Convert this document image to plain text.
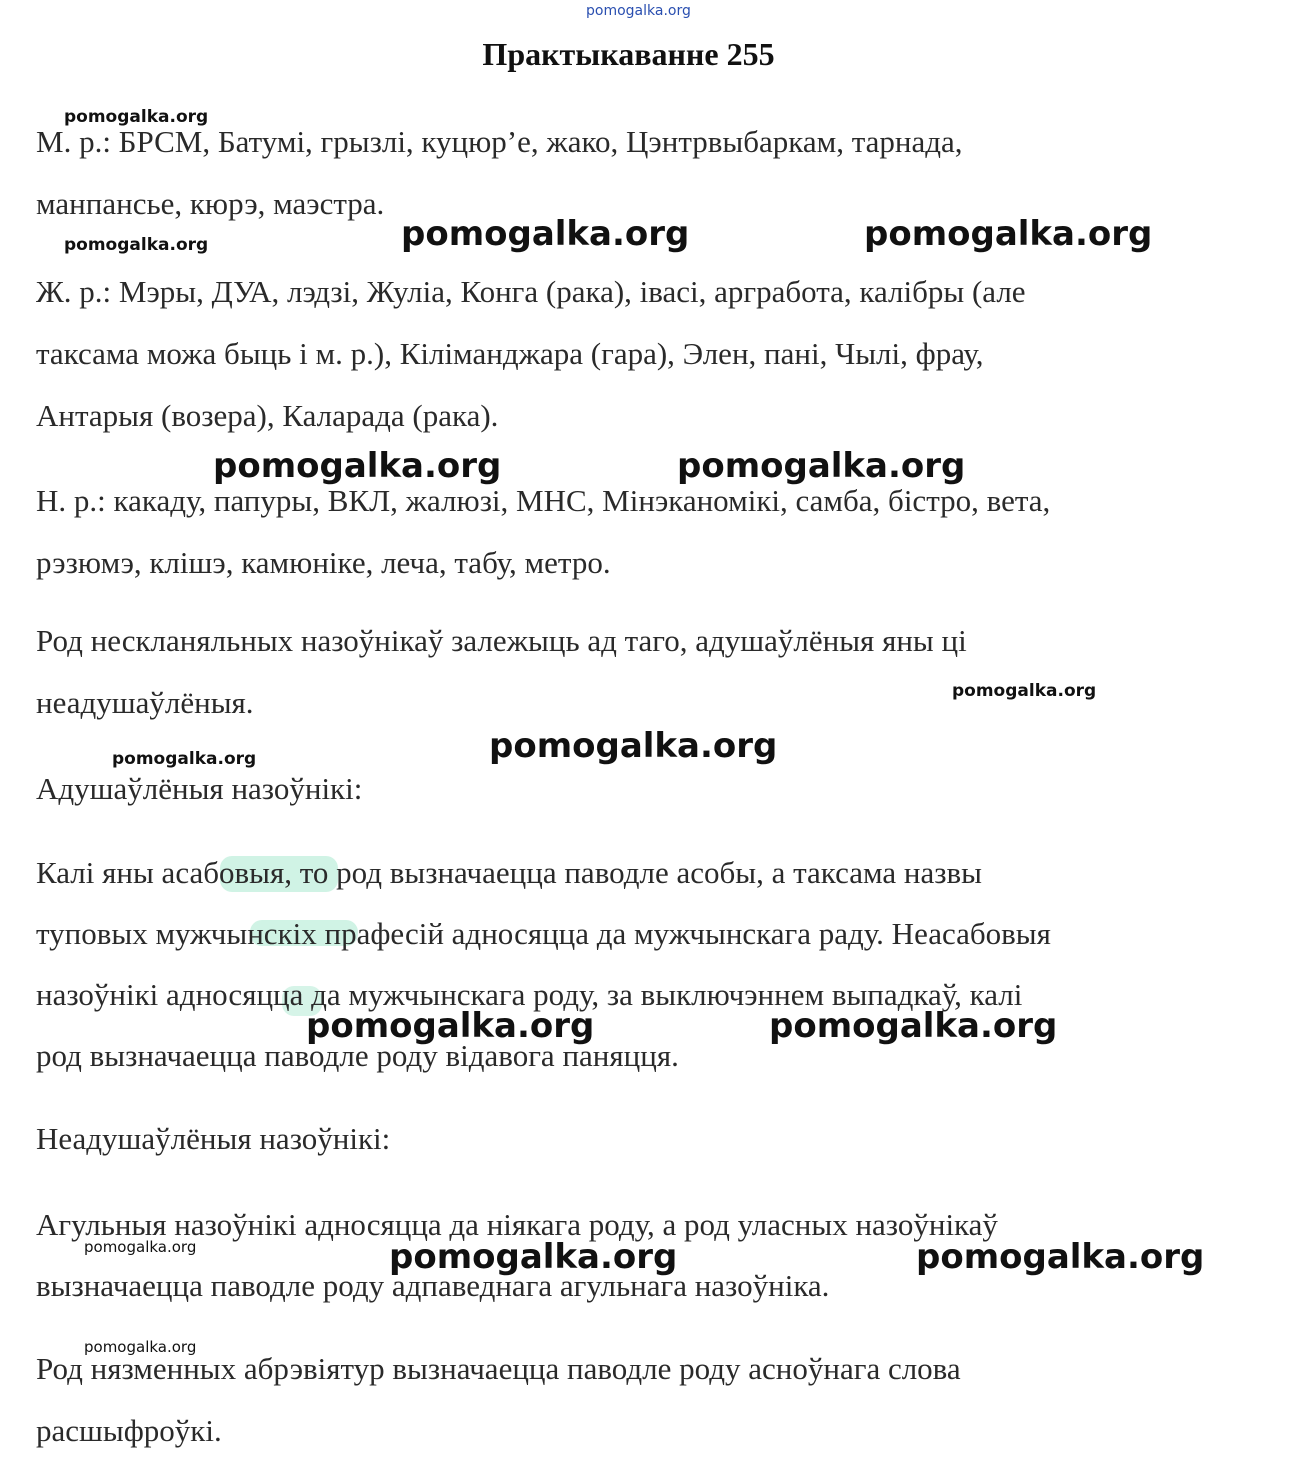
pomogalka.org
Практыкаванне 255
М. р.: БРСМ, Батумі, грызлі, куцюр’е, жако, Цэнтрвыбаркам, тарнада,
манпансье, кюрэ, маэстра.
Ж. р.: Мэры, ДУА, лэдзі, Жуліа, Конга (рака), івасі, аргработа, калібры (але
таксама можа быць і м. р.), Кіліманджара (гара), Элен, пані, Чылі, фрау,
Антарыя (возера), Каларада (рака).
Н. р.: какаду, папуры, ВКЛ, жалюзі, МНС, Мінэканомікі, самба, бістро, вета,
рэзюмэ, клішэ, камюніке, леча, табу, метро.
Род нескланяльных назоўнікаў залежыць ад таго, адушаўлёныя яны ці
неадушаўлёныя.
Адушаўлёныя назоўнікі:
Калі яны асабовыя, то род вызначаецца паводле асобы, а таксама назвы
туповых мужчынскіх прафесій адносяцца да мужчынскага раду. Неасабовыя
назоўнікі адносяцца да мужчынскага роду, за выключэннем выпадкаў, калі
род вызначаецца паводле роду відавога паняцця.
Неадушаўлёныя назоўнікі:
Агульныя назоўнікі адносяцца да ніякага роду, а род уласных назоўнікаў
вызначаецца паводле роду адпаведнага агульнага назоўніка.
Род нязменных абрэвіятур вызначаецца паводле роду асноўнага слова
расшыфроўкі.
pomogalka.org
pomogalka.org	pomogalka.org	pomogalka.org
pomogalka.org	pomogalka.org
pomogalka.org
pomogalka.org
pomogalka.org
pomogalka.org	pomogalka.org
pomogalka.org	pomogalka.org	pomogalka.org
pomogalka.org
